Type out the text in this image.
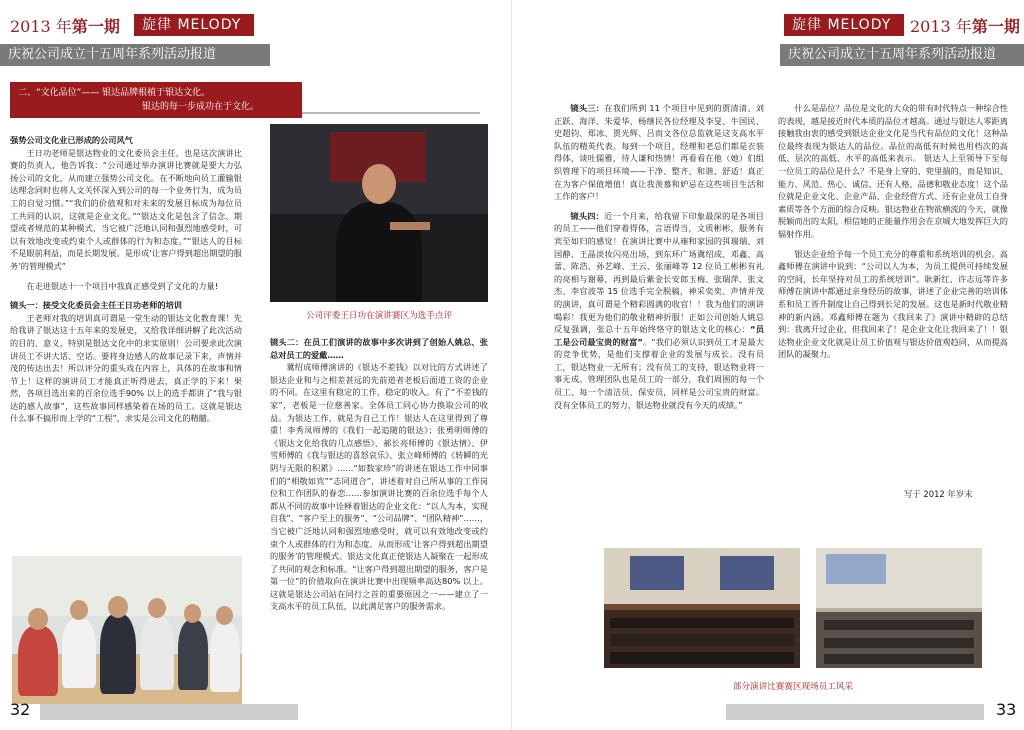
2013 年第一期	旋律 MELODY
庆祝公司成立十五周年系列活动报道
二、“文化品位”—— 银达品牌根植于银达文化。
银达的每一步成功在于文化。

强势公司文化业已形成的公司风气

王日功老师是银达物业的文化委员会主任，也是这次演讲比赛的负责人，他告诉我：“公司通过举办演讲比赛就是要大力弘扬公司的文化，从而建立强势公司文化。在不断地向员工灌输银达理念同时也将人文关怀深入到公司的每一个业务行为，成为员工的自觉习惯。”“我们的价值观和对未来的发展目标成为每位员工共同的认识，这就是企业文化。”“银达文化是包含了信念、期望或者规范的某种模式，当它被广泛地认同和强烈地感受时，可以有效地改变或约束个人或群体的行为和态度。”“银达人的目标不是眼前利益，而是长期发展。是形成‘让客户得到超出期望的服务’的管理模式”

在走进银达十一个项目中我真正感受到了文化的力量!

镜头一：接受文化委员会主任王日功老师的培训

王老师对我的培训真可谓是一堂生动的银达文化教育课！先给我讲了银达这十五年来的发展史，又给我详细讲解了此次活动的目的、意义，特别是银达文化中的求实原则！公司要求此次演讲员工不讲大话、空话。要将身边感人的故事记录下来，声情并茂的传达出去！所以评分的重头戏在内容上，具体的在故事和情节上！这样的演讲员工才能真正听得进去，真正学的下来！果然，各项目选出来的百余位选手90% 以上的选手都讲了“我与银达的感人故事”，这些故事同样感染着在场的员工。这就是银达什么事不搞形而上学的“工程”，求实是公司文化的精髓。

公司评委王日功在演讲赛区为选手点评

镜头二：在员工们演讲的故事中多次讲到了创始人姚总、张总对员工的爱戴……

冀绍成师傅演讲的《银达不差钱》以对比的方式讲述了银达企业和与之相差甚远的先前道者老板后面道工资的企业的不同。在这里有稳定的工作，稳定的收入。有了“不差钱的家”，老板是一位慈善家。全体员工同心协力换取公司的收益。为银达工作，就是为自己工作！银达人在这里得到了尊重！李秀凤师傅的《我们一起追随的银达》；张勇明师傅的《银达文化给我的几点感悟》、郝长亮师傅的《银达情》、伊雪师傅的《我与银达的喜怒哀乐》、张立峰师傅的《转瞬的光阴与无限的积累》……“如数家珍”的讲述在银达工作中同事们的“相敬如宾”“志同道合”，讲述着对自己所从事的工作岗位和工作团队的眷恋……参加演讲比赛的百余位选手每个人都从不同的故事中诠释着银达的企业文化：“以人为本，实现自我”、“客户至上的服务”、“公司品牌”、“团队精神”……，当它被广泛地认同和强烈地感受时，就可以有效地改变或约束个人或群体的行为和态度。从而形成‘让客户得到超出期望的服务’的管理模式。银达文化真正使银达人凝聚在一起形成了共同的观念和标准。“让客户得到超出期望的服务，客户是第一位”的价值取向在演讲比赛中出现频率高达80% 以上。这就是银达公司站在同行之首的重要原因之一——建立了一支高水平的员工队伍，以此满足客户的服务需求。

32
旋律 MELODY	2013 年第一期
庆祝公司成立十五周年系列活动报道

镜头三：在我们所到 11 个项目中见到的贾清清、刘正跃、海洋、朱爱华、杨继民各位经理及李旻、牛国民、史超钧、郑冰、贾光辉、吕而文各位总监就是这支高水平队伍的精英代表。每到一个项目，经理和老总们都是衣装得体，谈吐儒雅，待人谦和热情！再看看在他（她）们组织管理下的项目环境——干净、整齐、和谐、舒适！真正在为客户保值增值！真让我羡慕和妒忌在这些项目生活和工作的客户！

镜头四：近一个月来，给我留下印象最深的是各项目的员工——他们穿着得体，言语得当，文质彬彬，服务有宾至如归的感觉！在演讲比赛中从雍和家园的弭瑞瑞、刘国静、王晶淡妆闪亮出场，到东环广场冀绍成、邓鑫、高蕾、陈浩、孙艺峰、王云、张丽峰等 12 位员工彬彬有礼的亮相与谢幕，再到最后紫金长安郎玉梅、张瑞萍、张文杰、李官波等 15 位选手完全脱稿，神采奕奕、声情并茂的演讲，真可谓是个精彩圆满的收官！！我为他们的演讲喝彩！我更为他们的敬业精神折服！正如公司创始人姚总反复强调，张总十五年始终恪守的银达文化的核心：“员工是公司最宝贵的财富”。“我们必须认识到员工才是最大的竞争优势，是他们支撑着企业的发展与成长。没有员工，银达物业一无所有；没有员工的支持，银达物业将一事无成。管理团队也是员工的一部分，我们周围的每一个员工、每一个清洁员、保安员，同样是公司宝贵的财富。没有全体员工的努力，银达物业就没有今天的成绩。”

什么是品位？品位是文化的大众的带有时代特点一种综合性的表现，越是接近时代本质的品位才越高。通过与银达人零距离接触我由衷的感受到银达企业文化是当代有品位的文化！这种品位最终表现为银达人的品位。品位的高低有时候也用档次的高低、层次的高低、水平的高低来表示。 银达人上至领导下至每一位员工的品位是什么？不是身上穿的、兜里揣的，而是知识、能力、风范、热心、诚信、还有人格、品德和敬业态度！这个品位就是企业文化、企业产品、企业经营方式、还有企业员工自身素质等各个方面的综合反映。银达物业在物欲横流的今天，就像脱颖而出的太阳，相信她的正能量作用会在京城大地发挥巨大的辐射作用。

银达企业给予每一个员工充分的尊重和系统培训的机会。高鑫师傅在演讲中说到：“公司以人为本，为员工提供可持续发展的空间，长年坚持对员工的系统培训”。耿新红、许志远等许多师傅在演讲中都通过亲身经历的故事，讲述了企业完善的培训体系和员工晋升制度让自己得到长足的发展。这也是新时代敬业精神的新内涵。邓鑫师傅在题为《我回来了》演讲中精辟的总结到：我离开过企业，但我回来了！是企业文化让我回来了！！银达物业企业文化就是让员工价值观与银达价值观趋同，从而提高团队的凝聚力。

写于 2012 年岁末
部分演讲比赛赛区现场员工风采
33
